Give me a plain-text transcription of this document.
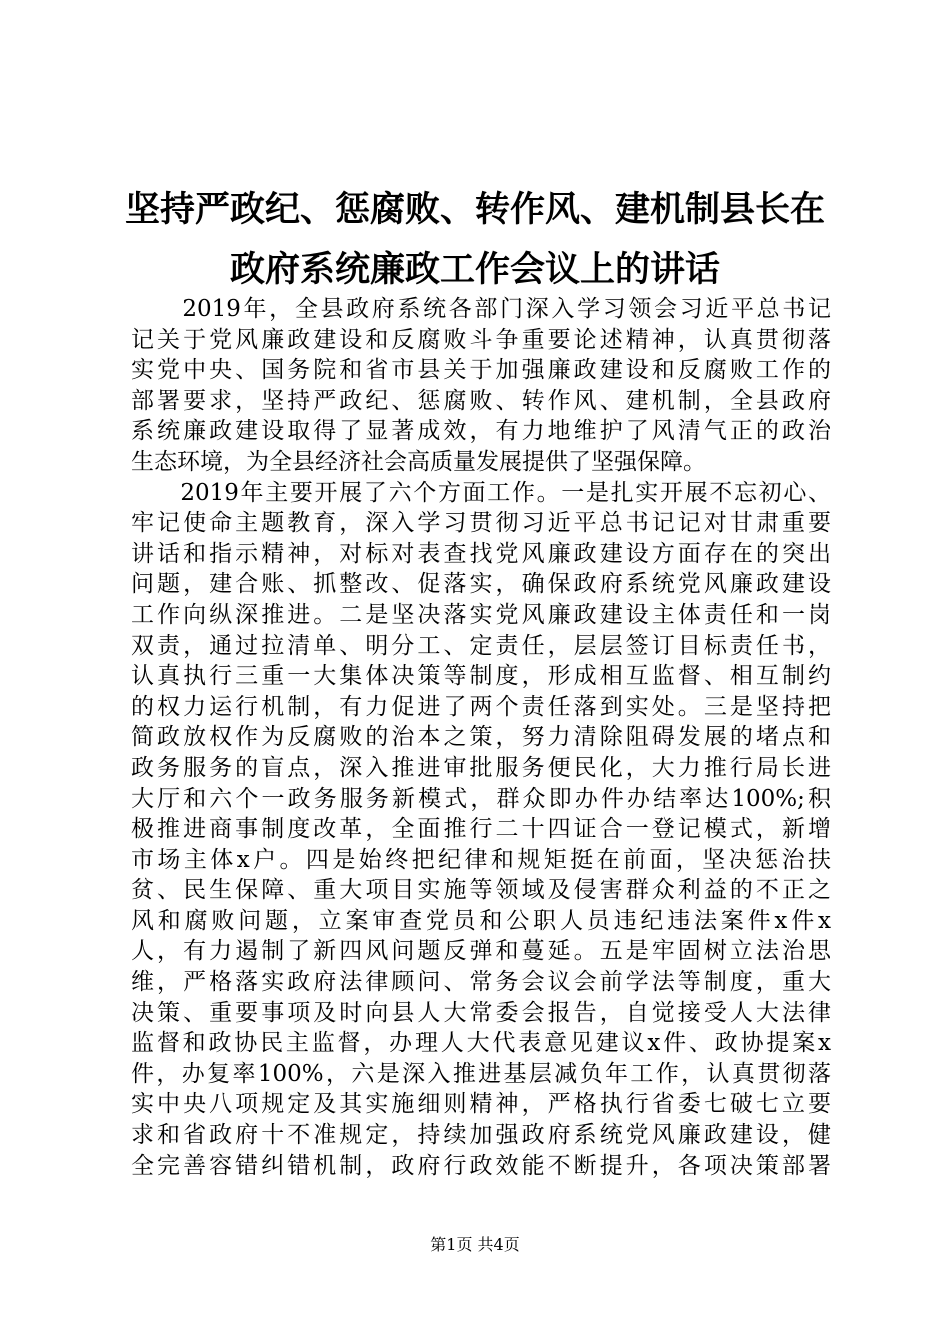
坚持严政纪、惩腐败、转作风、建机制县长在
政府系统廉政工作会议上的讲话
　　2019年，全县政府系统各部门深入学习领会习近平总书记
记关于党风廉政建设和反腐败斗争重要论述精神，认真贯彻落
实党中央、国务院和省市县关于加强廉政建设和反腐败工作的
部署要求，坚持严政纪、惩腐败、转作风、建机制，全县政府
系统廉政建设取得了显著成效，有力地维护了风清气正的政治
生态环境，为全县经济社会高质量发展提供了坚强保障。
　　2019年主要开展了六个方面工作。一是扎实开展不忘初心、
牢记使命主题教育，深入学习贯彻习近平总书记记对甘肃重要
讲话和指示精神，对标对表查找党风廉政建设方面存在的突出
问题，建合账、抓整改、促落实，确保政府系统党风廉政建设
工作向纵深推进。二是坚决落实党风廉政建设主体责任和一岗
双责，通过拉清单、明分工、定责任，层层签订目标责任书，
认真执行三重一大集体决策等制度，形成相互监督、相互制约
的权力运行机制，有力促进了两个责任落到实处。三是坚持把
简政放权作为反腐败的治本之策，努力清除阻碍发展的堵点和
政务服务的盲点，深入推进审批服务便民化，大力推行局长进
大厅和六个一政务服务新模式，群众即办件办结率达100%;积
极推进商事制度改革，全面推行二十四证合一登记模式，新增
市场主体x户。四是始终把纪律和规矩挺在前面，坚决惩治扶
贫、民生保障、重大项目实施等领域及侵害群众利益的不正之
风和腐败问题，立案审查党员和公职人员违纪违法案件x件x
人，有力遏制了新四风问题反弹和蔓延。五是牢固树立法治思
维，严格落实政府法律顾问、常务会议会前学法等制度，重大
决策、重要事项及时向县人大常委会报告，自觉接受人大法律
监督和政协民主监督，办理人大代表意见建议x件、政协提案x
件，办复率100%，六是深入推进基层减负年工作，认真贯彻落
实中央八项规定及其实施细则精神，严格执行省委七破七立要
求和省政府十不准规定，持续加强政府系统党风廉政建设，健
全完善容错纠错机制，政府行政效能不断提升，各项决策部署
第1页 共4页
